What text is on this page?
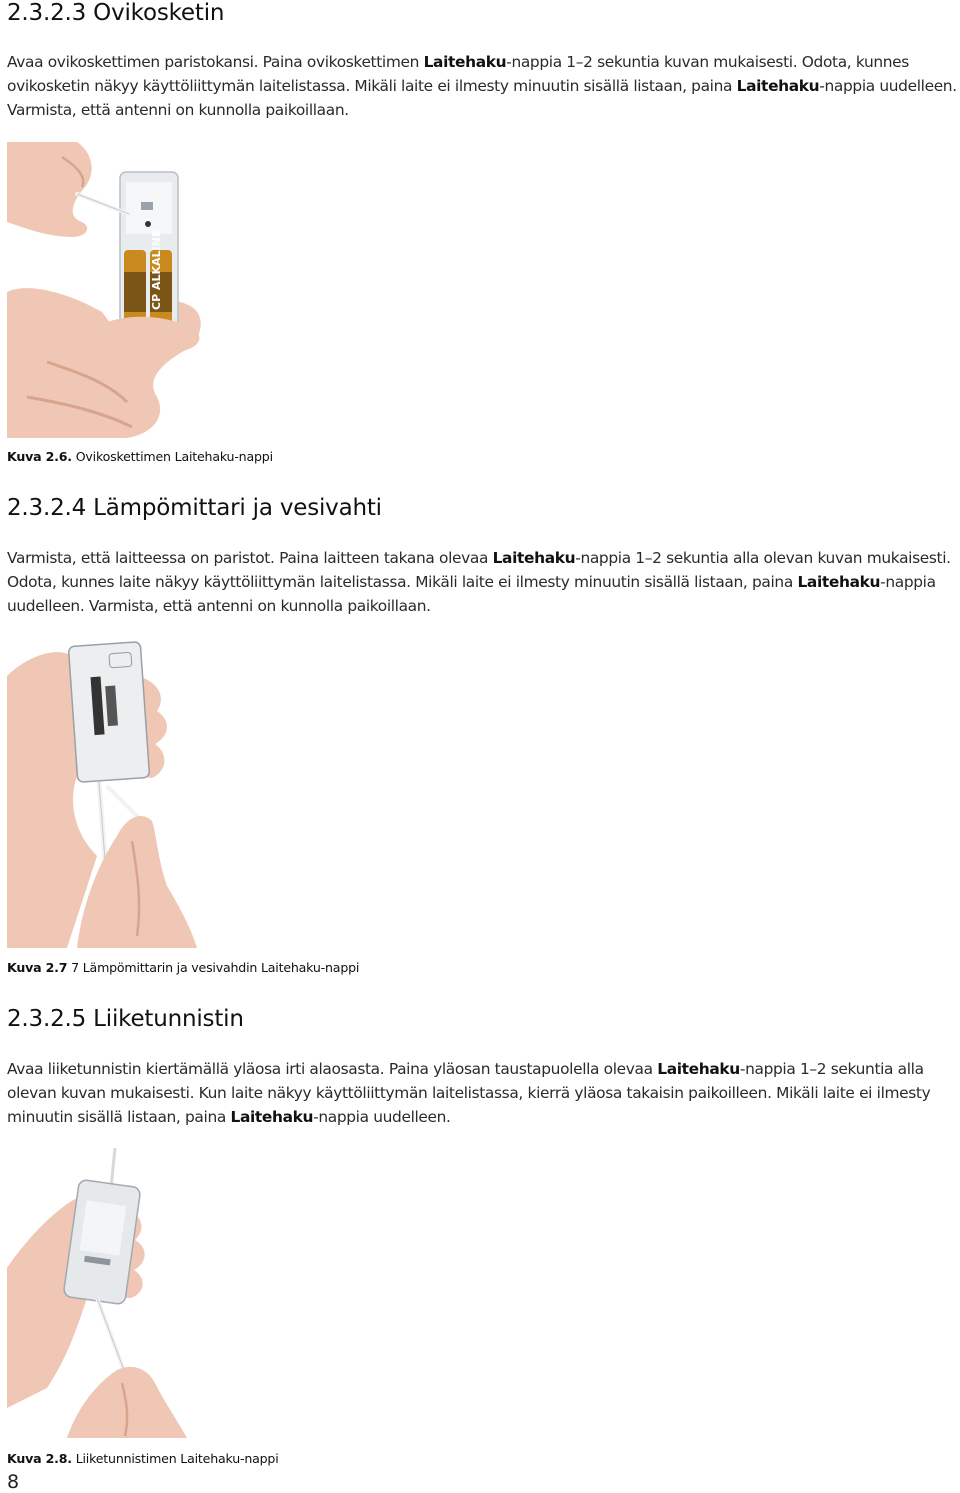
2.3.2.3 Ovikosketin

Avaa ovikoskettimen paristokansi. Paina ovikoskettimen Laitehaku-nappia 1–2 sekuntia kuvan mukaisesti. Odota, kunnes ovikosketin näkyy käyttöliittymän laitelistassa. Mikäli laite ei ilmesty minuutin sisällä listaan, paina Laitehaku-nappia uudelleen. Varmista, että antenni on kunnolla paikoillaan.

CP ALKALINE
Kuva 2.6. Ovikoskettimen Laitehaku-nappi
2.3.2.4 Lämpömittari ja vesivahti

Varmista, että laitteessa on paristot. Paina laitteen takana olevaa Laitehaku-nappia 1–2 sekuntia alla olevan kuvan mukaisesti. Odota, kunnes laite näkyy käyttöliittymän laitelistassa. Mikäli laite ei ilmesty minuutin sisällä listaan, paina Laitehaku-nappia uudelleen. Varmista, että antenni on kunnolla paikoillaan.

Kuva 2.7 7 Lämpömittarin ja vesivahdin Laitehaku-nappi
2.3.2.5 Liiketunnistin

Avaa liiketunnistin kiertämällä yläosa irti alaosasta. Paina yläosan taustapuolella olevaa Laitehaku-nappia 1–2 sekuntia alla olevan kuvan mukaisesti. Kun laite näkyy käyttöliittymän laitelistassa, kierrä yläosa takaisin paikoilleen. Mikäli laite ei ilmesty minuutin sisällä listaan, paina Laitehaku-nappia uudelleen.

Kuva 2.8. Liiketunnistimen Laitehaku-nappi
8
